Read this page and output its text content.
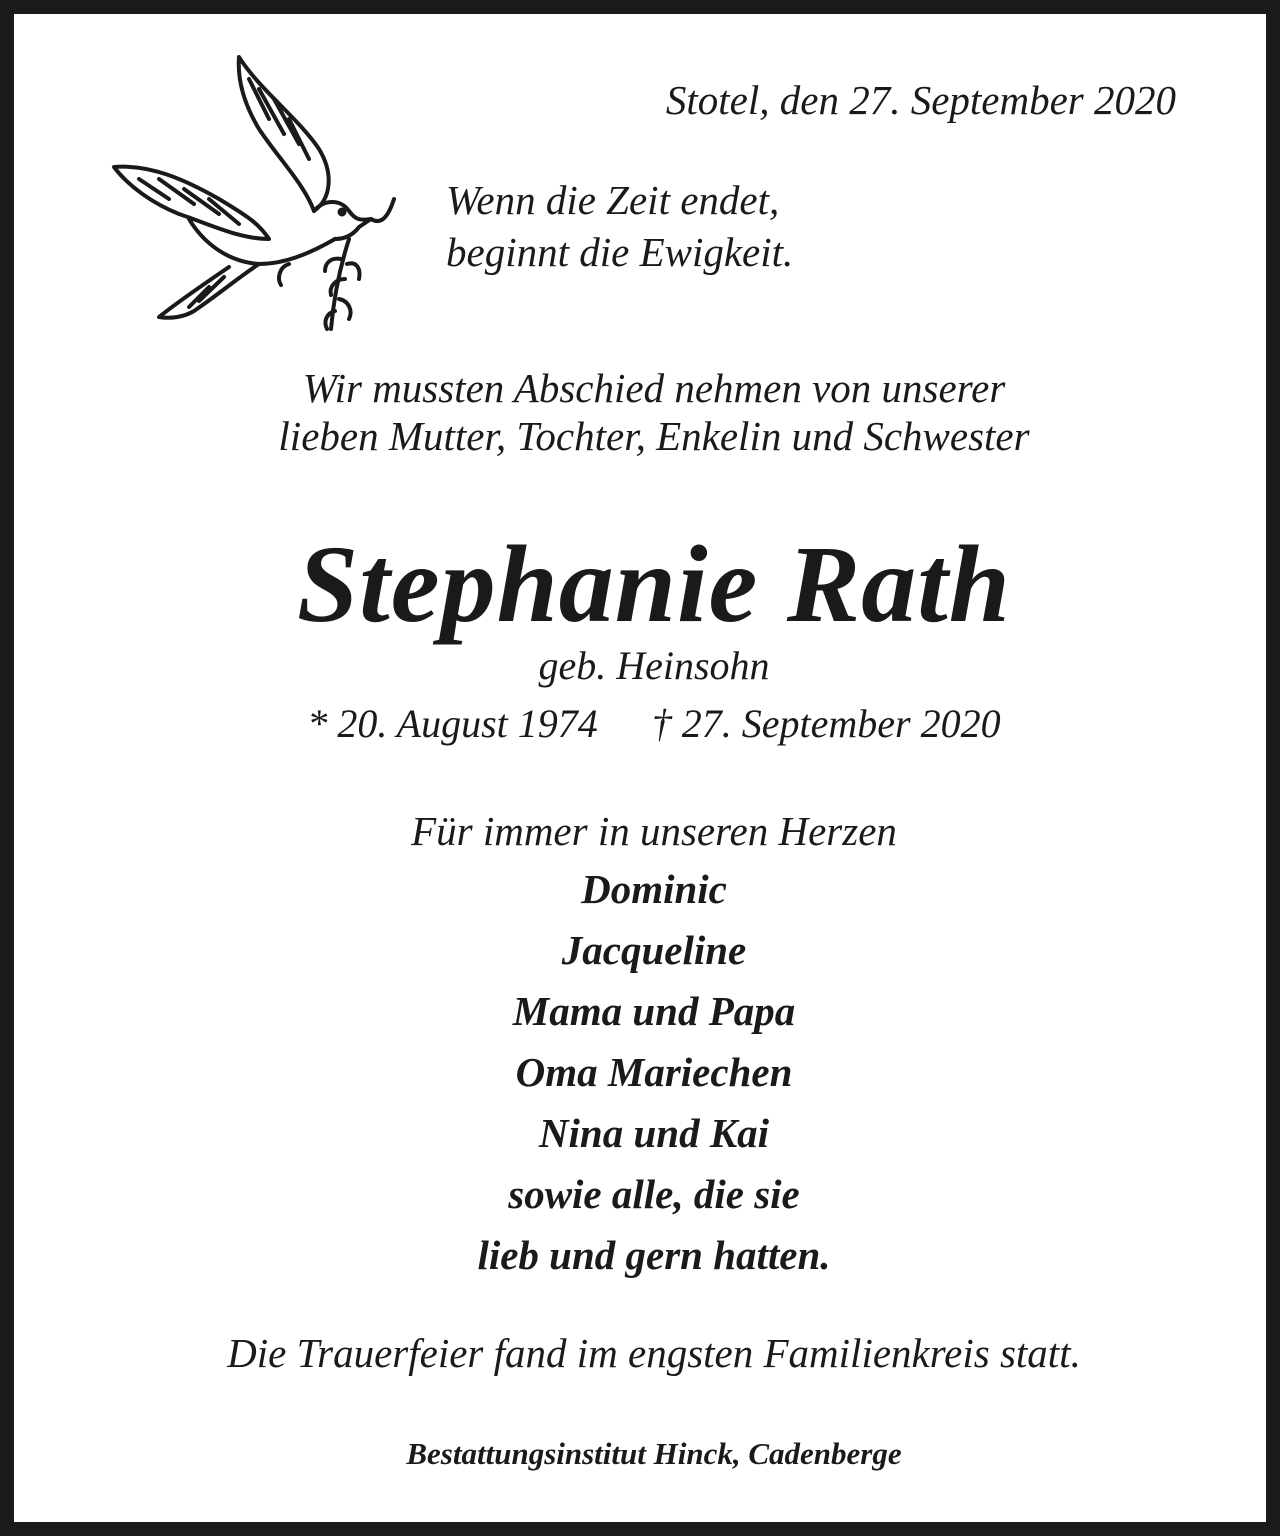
Stotel, den 27. September 2020

Wenn die Zeit endet,
beginnt die Ewigkeit.
Wir mussten Abschied nehmen von unserer
lieben Mutter, Tochter, Enkelin und Schwester
Stephanie Rath
geb. Heinsohn
* 20. August 1974 † 27. September 2020
Für immer in unseren Herzen
Dominic
Jacqueline
Mama und Papa
Oma Mariechen
Nina und Kai
sowie alle, die sie
lieb und gern hatten.
Die Trauerfeier fand im engsten Familienkreis statt.
Bestattungsinstitut Hinck, Cadenberge
